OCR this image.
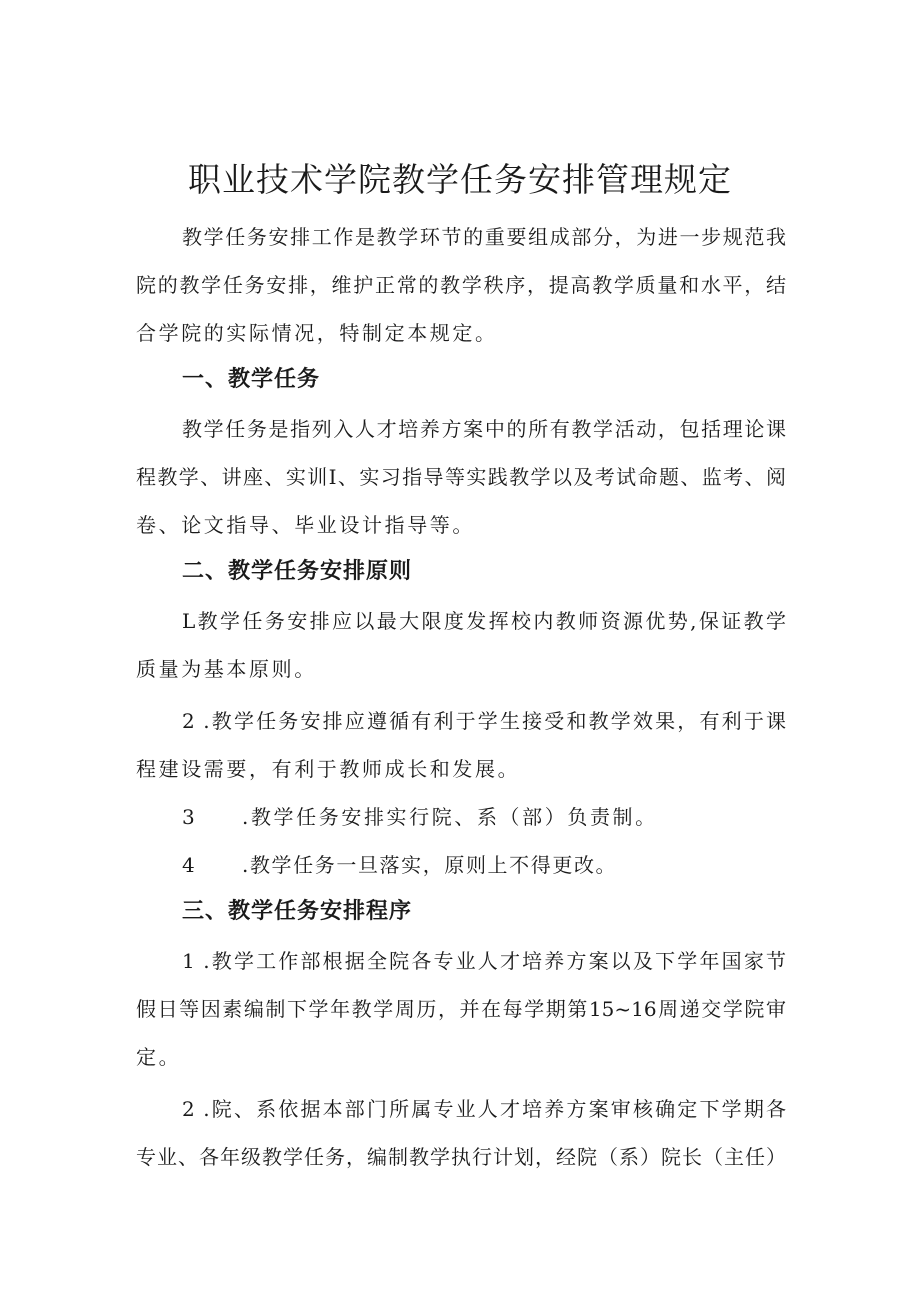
职业技术学院教学任务安排管理规定
教学任务安排工作是教学环节的重要组成部分，为进一步规范我
院的教学任务安排，维护正常的教学秩序，提高教学质量和水平，结
合学院的实际情况，特制定本规定。
一、教学任务
教学任务是指列入人才培养方案中的所有教学活动，包括理论课
程教学、讲座、实训I、实习指导等实践教学以及考试命题、监考、阅
卷、论文指导、毕业设计指导等。
二、教学任务安排原则
L教学任务安排应以最大限度发挥校内教师资源优势,保证教学
质量为基本原则。
2 .教学任务安排应遵循有利于学生接受和教学效果，有利于课
程建设需要，有利于教师成长和发展。
3 .教学任务安排实行院、系（部）负责制。
4 .教学任务一旦落实，原则上不得更改。
三、教学任务安排程序
1 .教学工作部根据全院各专业人才培养方案以及下学年国家节
假日等因素编制下学年教学周历，并在每学期第15~16周递交学院审
定。
2 .院、系依据本部门所属专业人才培养方案审核确定下学期各
专业、各年级教学任务，编制教学执行计划，经院（系）院长（主任）
